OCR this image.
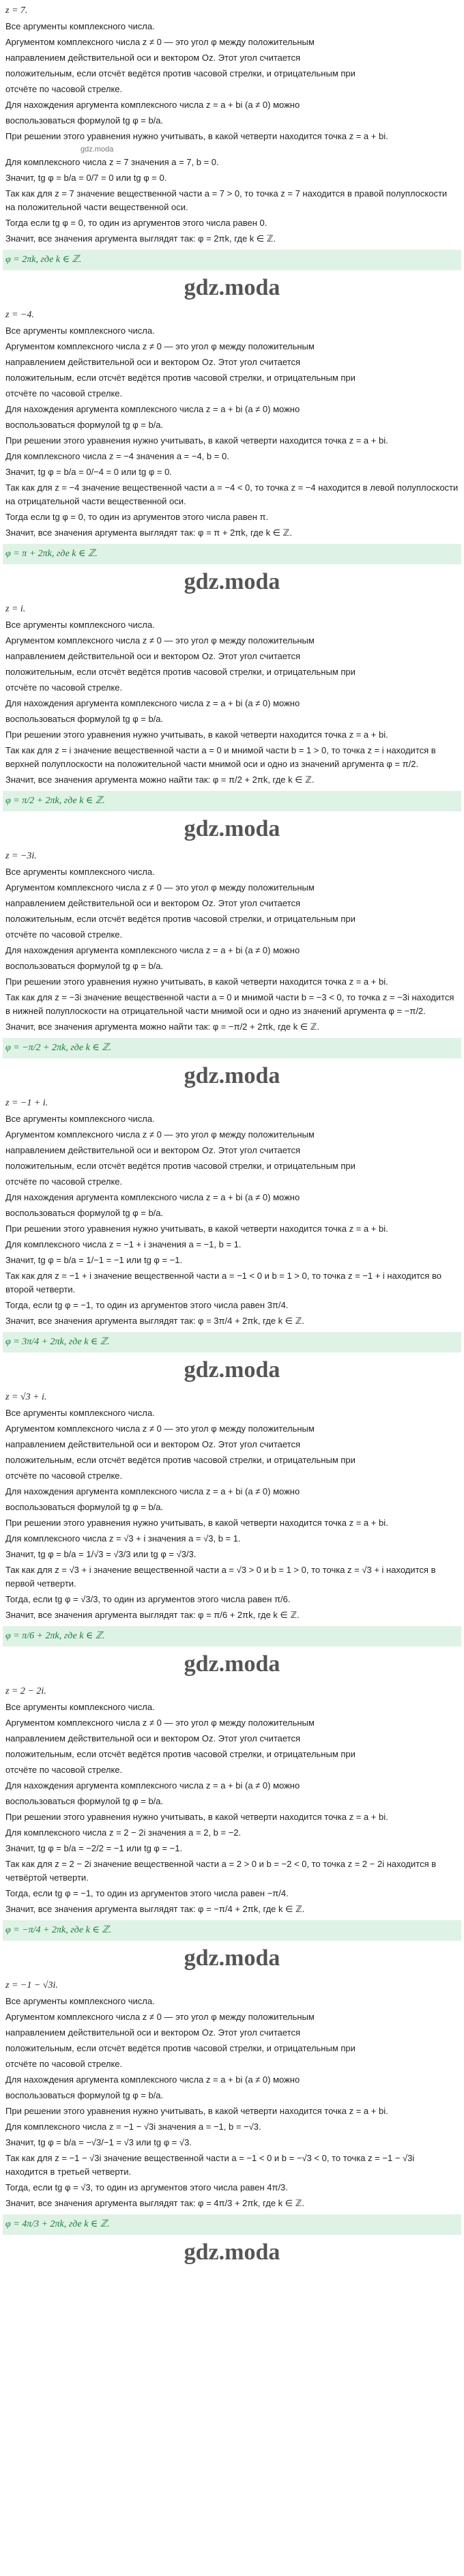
z = 7.
Все аргументы комплексного числа.
Аргументом комплексного числа z ≠ 0 — это угол φ между положительным
направлением действительной оси и вектором Oz. Этот угол считается
положительным, если отсчёт ведётся против часовой стрелки, и отрицательным при
отсчёте по часовой стрелке.
Для нахождения аргумента комплексного числа z = a + bi (a ≠ 0) можно
воспользоваться формулой tg φ = b/a.
При решении этого уравнения нужно учитывать, в какой четверти находится точка z = a + bi.
gdz.moda
Для комплексного числа z = 7 значения a = 7, b = 0.
Значит, tg φ = b/a = 0/7 = 0 или tg φ = 0.
Так как для z = 7 значение вещественной части a = 7 > 0, то точка z = 7 находится в правой полуплоскости на положительной части вещественной оси.
Тогда если tg φ = 0, то один из аргументов этого числа равен 0.
Значит, все значения аргумента выглядят так: φ = 2πk, где k ∈ ℤ.
φ = 2πk, где k ∈ ℤ.
gdz.moda
z = −4.
Все аргументы комплексного числа.
Аргументом комплексного числа z ≠ 0 — это угол φ между положительным
направлением действительной оси и вектором Oz. Этот угол считается
положительным, если отсчёт ведётся против часовой стрелки, и отрицательным при
отсчёте по часовой стрелке.
Для нахождения аргумента комплексного числа z = a + bi (a ≠ 0) можно
воспользоваться формулой tg φ = b/a.
При решении этого уравнения нужно учитывать, в какой четверти находится точка z = a + bi.
Для комплексного числа z = −4 значения a = −4, b = 0.
Значит, tg φ = b/a = 0/−4 = 0 или tg φ = 0.
Так как для z = −4 значение вещественной части a = −4 < 0, то точка z = −4 находится в левой полуплоскости на отрицательной части вещественной оси.
Тогда если tg φ = 0, то один из аргументов этого числа равен π.
Значит, все значения аргумента выглядят так: φ = π + 2πk, где k ∈ ℤ.
φ = π + 2πk, где k ∈ ℤ.
gdz.moda
z = i.
Все аргументы комплексного числа.
Аргументом комплексного числа z ≠ 0 — это угол φ между положительным
направлением действительной оси и вектором Oz. Этот угол считается
положительным, если отсчёт ведётся против часовой стрелки, и отрицательным при
отсчёте по часовой стрелке.
Для нахождения аргумента комплексного числа z = a + bi (a ≠ 0) можно
воспользоваться формулой tg φ = b/a.
При решении этого уравнения нужно учитывать, в какой четверти находится точка z = a + bi.
Так как для z = i значение вещественной части a = 0 и мнимой части b = 1 > 0, то точка z = i находится в верхней полуплоскости на положительной части мнимой оси и одно из значений аргумента φ = π/2.
Значит, все значения аргумента можно найти так: φ = π/2 + 2πk, где k ∈ ℤ.
φ = π/2 + 2πk, где k ∈ ℤ.
gdz.moda
z = −3i.
Все аргументы комплексного числа.
Аргументом комплексного числа z ≠ 0 — это угол φ между положительным
направлением действительной оси и вектором Oz. Этот угол считается
положительным, если отсчёт ведётся против часовой стрелки, и отрицательным при
отсчёте по часовой стрелке.
Для нахождения аргумента комплексного числа z = a + bi (a ≠ 0) можно
воспользоваться формулой tg φ = b/a.
При решении этого уравнения нужно учитывать, в какой четверти находится точка z = a + bi.
Так как для z = −3i значение вещественной части a = 0 и мнимой части b = −3 < 0, то точка z = −3i находится в нижней полуплоскости на отрицательной части мнимой оси и одно из значений аргумента φ = −π/2.
Значит, все значения аргумента можно найти так: φ = −π/2 + 2πk, где k ∈ ℤ.
φ = −π/2 + 2πk, где k ∈ ℤ.
gdz.moda
z = −1 + i.
Все аргументы комплексного числа.
Аргументом комплексного числа z ≠ 0 — это угол φ между положительным
направлением действительной оси и вектором Oz. Этот угол считается
положительным, если отсчёт ведётся против часовой стрелки, и отрицательным при
отсчёте по часовой стрелке.
Для нахождения аргумента комплексного числа z = a + bi (a ≠ 0) можно
воспользоваться формулой tg φ = b/a.
При решении этого уравнения нужно учитывать, в какой четверти находится точка z = a + bi.
Для комплексного числа z = −1 + i значения a = −1, b = 1.
Значит, tg φ = b/a = 1/−1 = −1 или tg φ = −1.
Так как для z = −1 + i значение вещественной части a = −1 < 0 и b = 1 > 0, то точка z = −1 + i находится во второй четверти.
Тогда, если tg φ = −1, то один из аргументов этого числа равен 3π/4.
Значит, все значения аргумента выглядят так: φ = 3π/4 + 2πk, где k ∈ ℤ.
φ = 3π/4 + 2πk, где k ∈ ℤ.
gdz.moda
z = √3 + i.
Все аргументы комплексного числа.
Аргументом комплексного числа z ≠ 0 — это угол φ между положительным
направлением действительной оси и вектором Oz. Этот угол считается
положительным, если отсчёт ведётся против часовой стрелки, и отрицательным при
отсчёте по часовой стрелке.
Для нахождения аргумента комплексного числа z = a + bi (a ≠ 0) можно
воспользоваться формулой tg φ = b/a.
При решении этого уравнения нужно учитывать, в какой четверти находится точка z = a + bi.
Для комплексного числа z = √3 + i значения a = √3, b = 1.
Значит, tg φ = b/a = 1/√3 = √3/3 или tg φ = √3/3.
Так как для z = √3 + i значение вещественной части a = √3 > 0 и b = 1 > 0, то точка z = √3 + i находится в первой четверти.
Тогда, если tg φ = √3/3, то один из аргументов этого числа равен π/6.
Значит, все значения аргумента выглядят так: φ = π/6 + 2πk, где k ∈ ℤ.
φ = π/6 + 2πk, где k ∈ ℤ.
gdz.moda
z = 2 − 2i.
Все аргументы комплексного числа.
Аргументом комплексного числа z ≠ 0 — это угол φ между положительным
направлением действительной оси и вектором Oz. Этот угол считается
положительным, если отсчёт ведётся против часовой стрелки, и отрицательным при
отсчёте по часовой стрелке.
Для нахождения аргумента комплексного числа z = a + bi (a ≠ 0) можно
воспользоваться формулой tg φ = b/a.
При решении этого уравнения нужно учитывать, в какой четверти находится точка z = a + bi.
Для комплексного числа z = 2 − 2i значения a = 2, b = −2.
Значит, tg φ = b/a = −2/2 = −1 или tg φ = −1.
Так как для z = 2 − 2i значение вещественной части a = 2 > 0 и b = −2 < 0, то точка z = 2 − 2i находится в четвёртой четверти.
Тогда, если tg φ = −1, то один из аргументов этого числа равен −π/4.
Значит, все значения аргумента выглядят так: φ = −π/4 + 2πk, где k ∈ ℤ.
φ = −π/4 + 2πk, где k ∈ ℤ.
gdz.moda
z = −1 − √3i.
Все аргументы комплексного числа.
Аргументом комплексного числа z ≠ 0 — это угол φ между положительным
направлением действительной оси и вектором Oz. Этот угол считается
положительным, если отсчёт ведётся против часовой стрелки, и отрицательным при
отсчёте по часовой стрелке.
Для нахождения аргумента комплексного числа z = a + bi (a ≠ 0) можно
воспользоваться формулой tg φ = b/a.
При решении этого уравнения нужно учитывать, в какой четверти находится точка z = a + bi.
Для комплексного числа z = −1 − √3i значения a = −1, b = −√3.
Значит, tg φ = b/a = −√3/−1 = √3 или tg φ = √3.
Так как для z = −1 − √3i значение вещественной части a = −1 < 0 и b = −√3 < 0, то точка z = −1 − √3i находится в третьей четверти.
Тогда, если tg φ = √3, то один из аргументов этого числа равен 4π/3.
Значит, все значения аргумента выглядят так: φ = 4π/3 + 2πk, где k ∈ ℤ.
φ = 4π/3 + 2πk, где k ∈ ℤ.
gdz.moda
